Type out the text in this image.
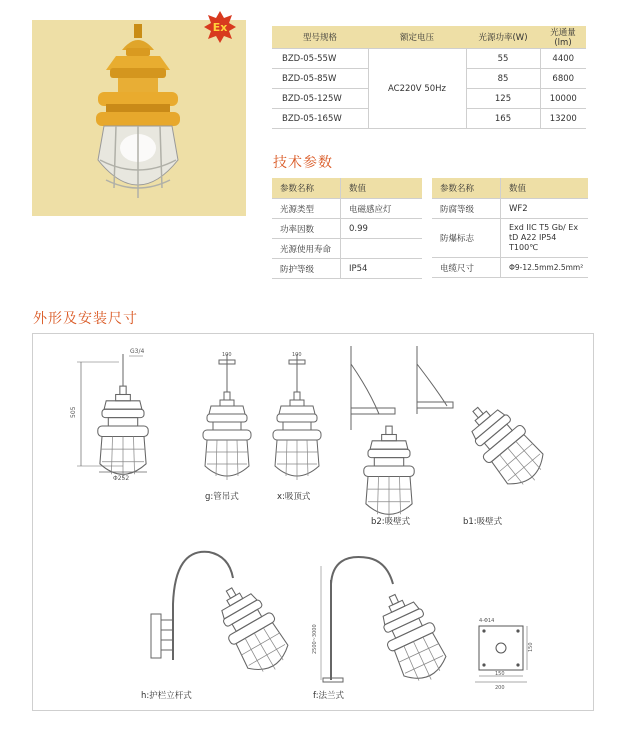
Ex
型号规格	额定电压	光源功率(W)	光通量(lm)
BZD-05-55W	AC220V 50Hz	55	4400
BZD-05-85W		85	6800
BZD-05-125W		125	10000
BZD-05-165W		165	13200
技术参数
参数名称	数值
光源类型	电磁感应灯
功率因数	0.99
光源使用寿命	
防护等级	IP54
参数名称	数值
防腐等级	WF2
防爆标志	Exd IIC T5 Gb/ Ex tD A22 IP54 T100℃
电缆尺寸	Φ9-12.5mm2.5mm²
外形及安装尺寸
G3/4
505
Φ252
100	100
2500~3000
4-Φ14
150
200
150
g:管吊式	x:吸顶式
b2:吸壁式	b1:吸壁式
h:护栏立杆式	f:法兰式
